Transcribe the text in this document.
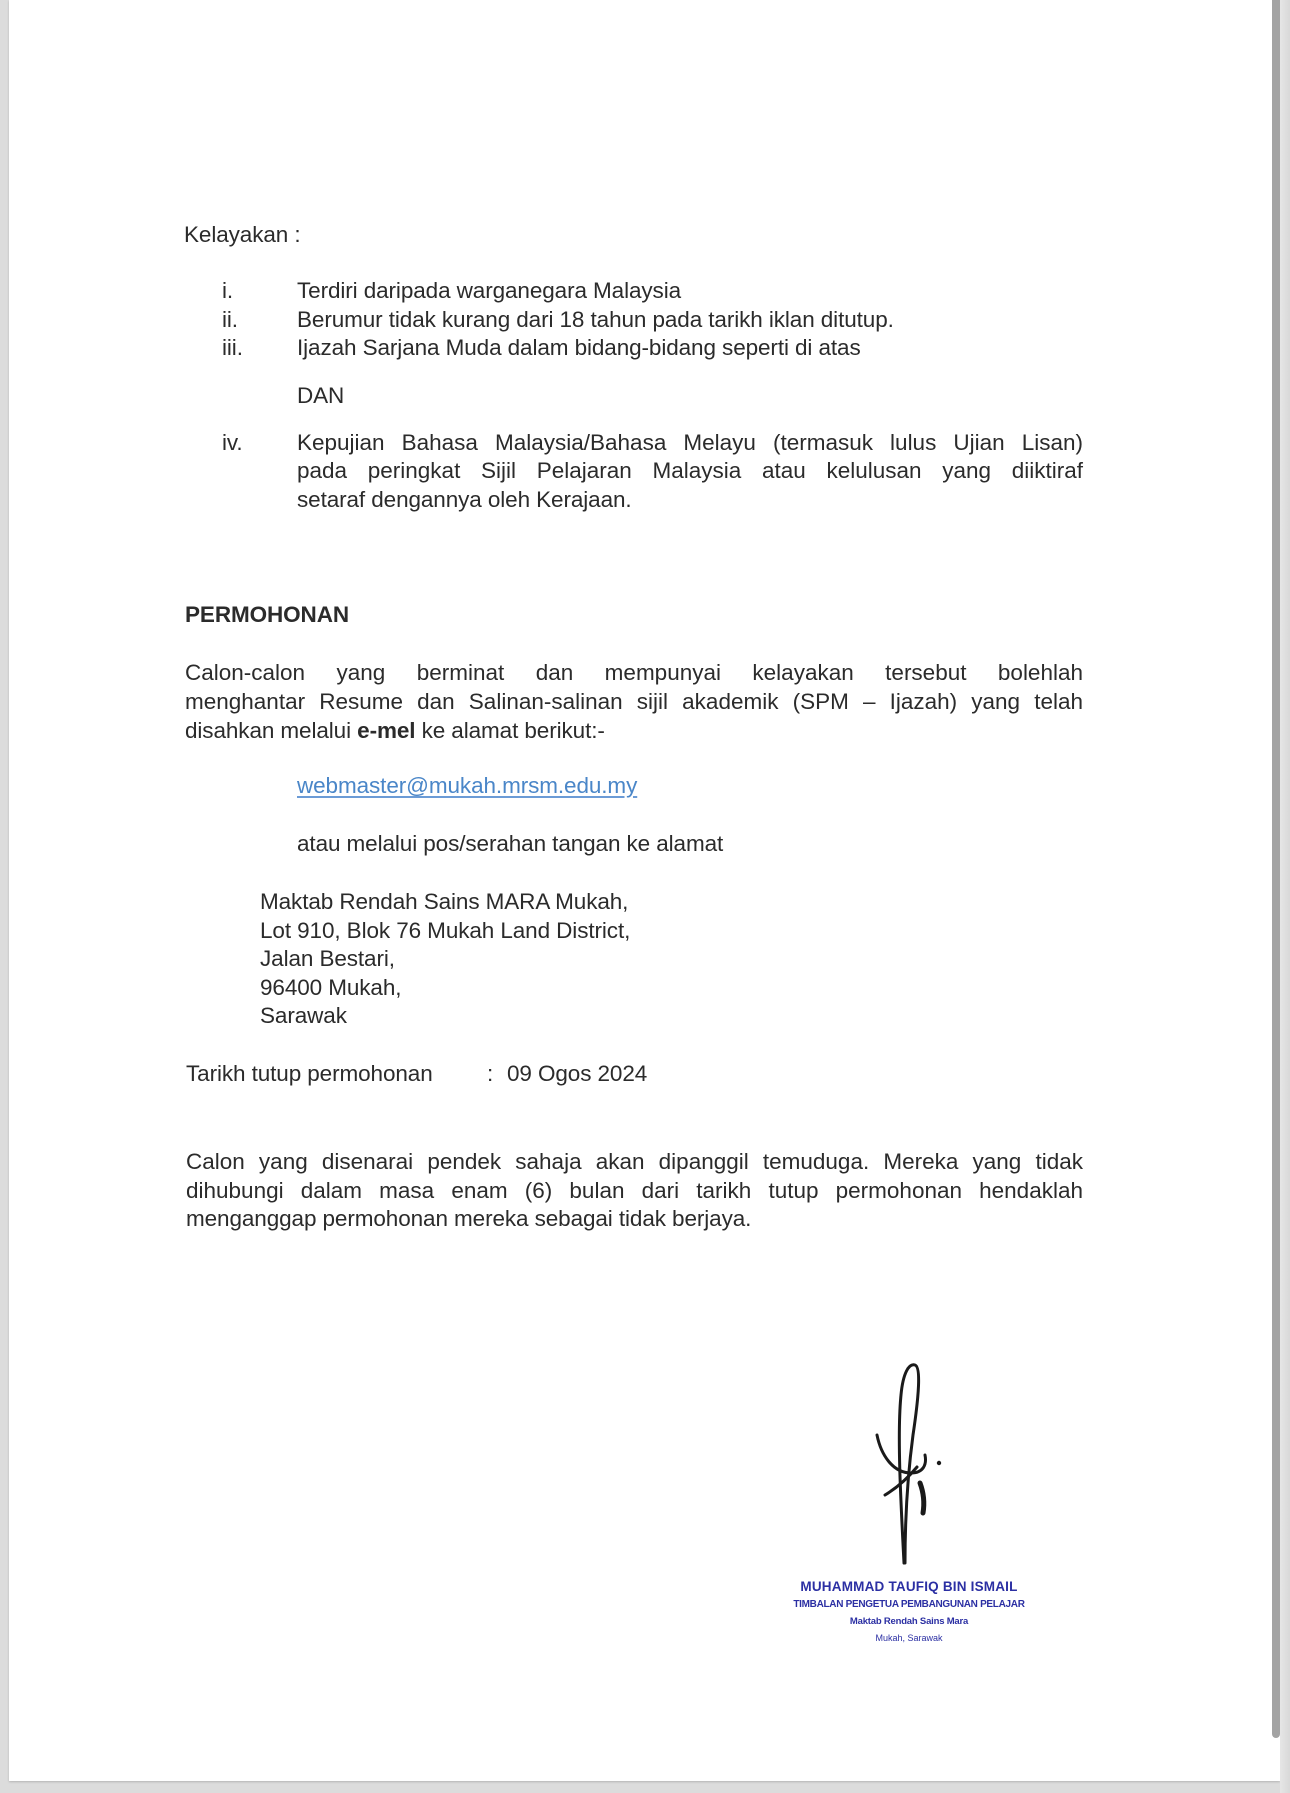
Kelayakan :
i.	Terdiri daripada warganegara Malaysia
ii.	Berumur tidak kurang dari 18 tahun pada tarikh iklan ditutup.
iii. Ijazah Sarjana Muda dalam bidang-bidang seperti di atas
DAN
iv. Kepujian Bahasa Malaysia/Bahasa Melayu (termasuk lulus Ujian Lisan)
pada peringkat Sijil Pelajaran Malaysia atau kelulusan yang diiktiraf
setaraf dengannya oleh Kerajaan.
PERMOHONAN
Calon-calon yang berminat dan mempunyai kelayakan tersebut bolehlah
menghantar Resume dan Salinan-salinan sijil akademik (SPM – Ijazah) yang telah
disahkan melalui e-mel ke alamat berikut:-
webmaster@mukah.mrsm.edu.my
atau melalui pos/serahan tangan ke alamat
Maktab Rendah Sains MARA Mukah,
Lot 910, Blok 76 Mukah Land District,
Jalan Bestari,
96400 Mukah,
Sarawak
Tarikh tutup permohonan : 09 Ogos 2024
Calon yang disenarai pendek sahaja akan dipanggil temuduga. Mereka yang tidak
dihubungi dalam masa enam (6) bulan dari tarikh tutup permohonan hendaklah
menganggap permohonan mereka sebagai tidak berjaya.
MUHAMMAD TAUFIQ BIN ISMAIL
TIMBALAN PENGETUA PEMBANGUNAN PELAJAR
Maktab Rendah Sains Mara
Mukah, Sarawak
